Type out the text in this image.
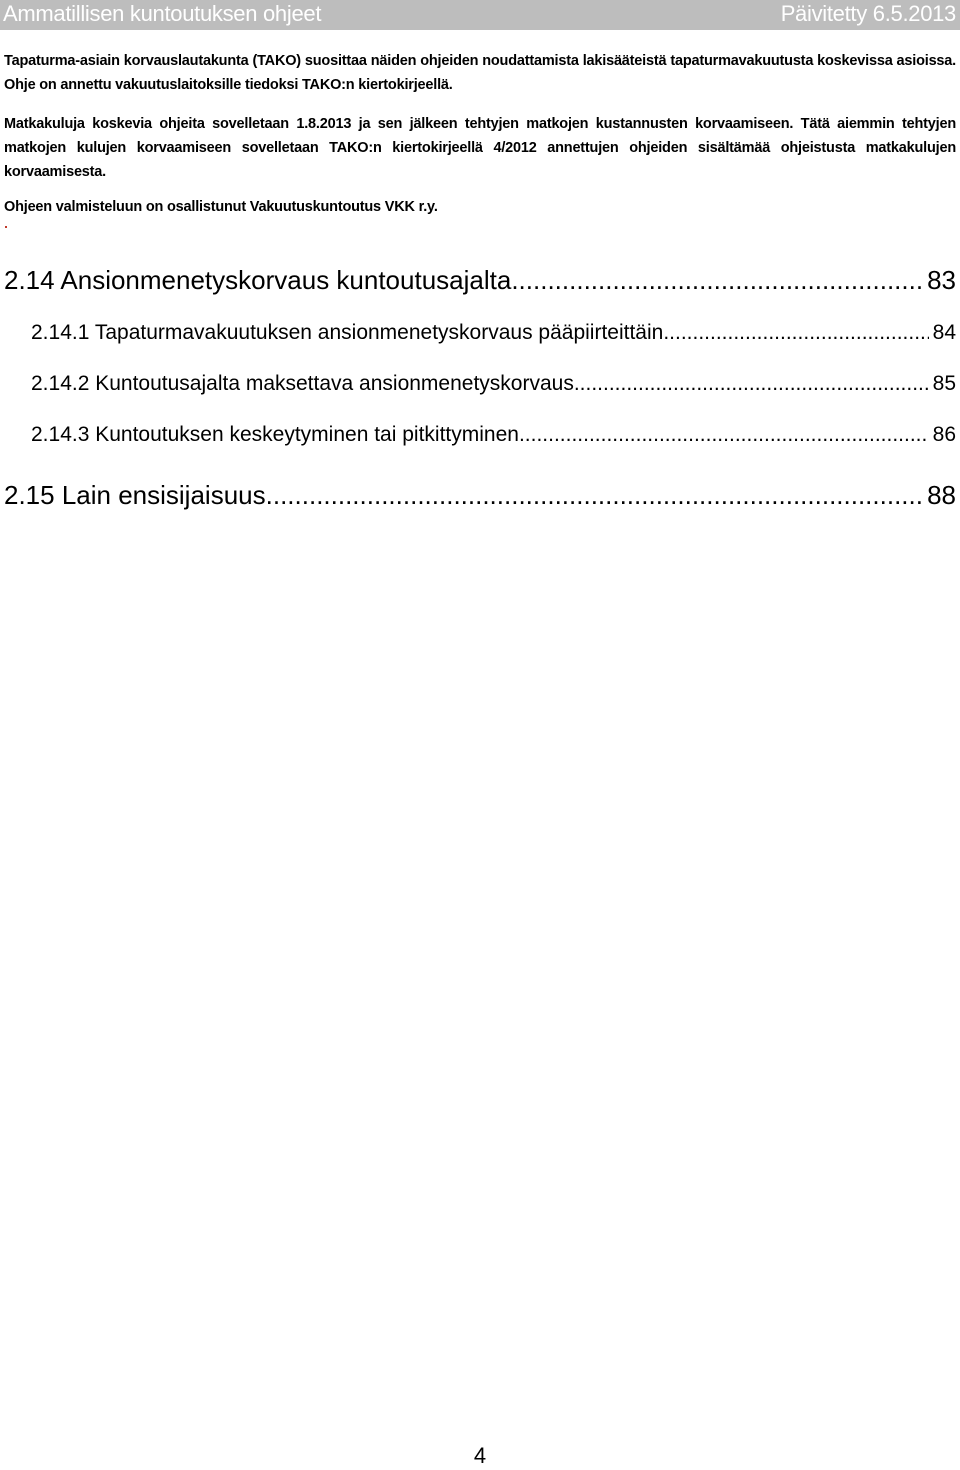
Ammatillisen kuntoutuksen ohjeet	Päivitetty 6.5.2013

Tapaturma-asiain korvauslautakunta (TAKO) suosittaa näiden ohjeiden noudattamista lakisääteistä tapaturmavakuutusta koskevissa asioissa. Ohje on annettu vakuutuslaitoksille tiedoksi TAKO:n kiertokirjeellä.

Matkakuluja koskevia ohjeita sovelletaan 1.8.2013 ja sen jälkeen tehtyjen matkojen kustannusten korvaamiseen. Tätä aiemmin tehtyjen matkojen kulujen korvaamiseen sovelletaan TAKO:n kiertokirjeellä 4/2012 annettujen ohjeiden sisältämää ohjeistusta matkakulujen korvaamisesta.

Ohjeen valmisteluun on osallistunut Vakuutuskuntoutus VKK r.y.

2.14 Ansionmenetyskorvaus kuntoutusajalta .....	83
2.14.1 Tapaturmavakuutuksen ansionmenetyskorvaus pääpiirteittäin .....	84
2.14.2 Kuntoutusajalta maksettava ansionmenetyskorvaus .....	85
2.14.3 Kuntoutuksen keskeytyminen tai pitkittyminen .....	86
2.15 Lain ensisijaisuus .....	88
4
